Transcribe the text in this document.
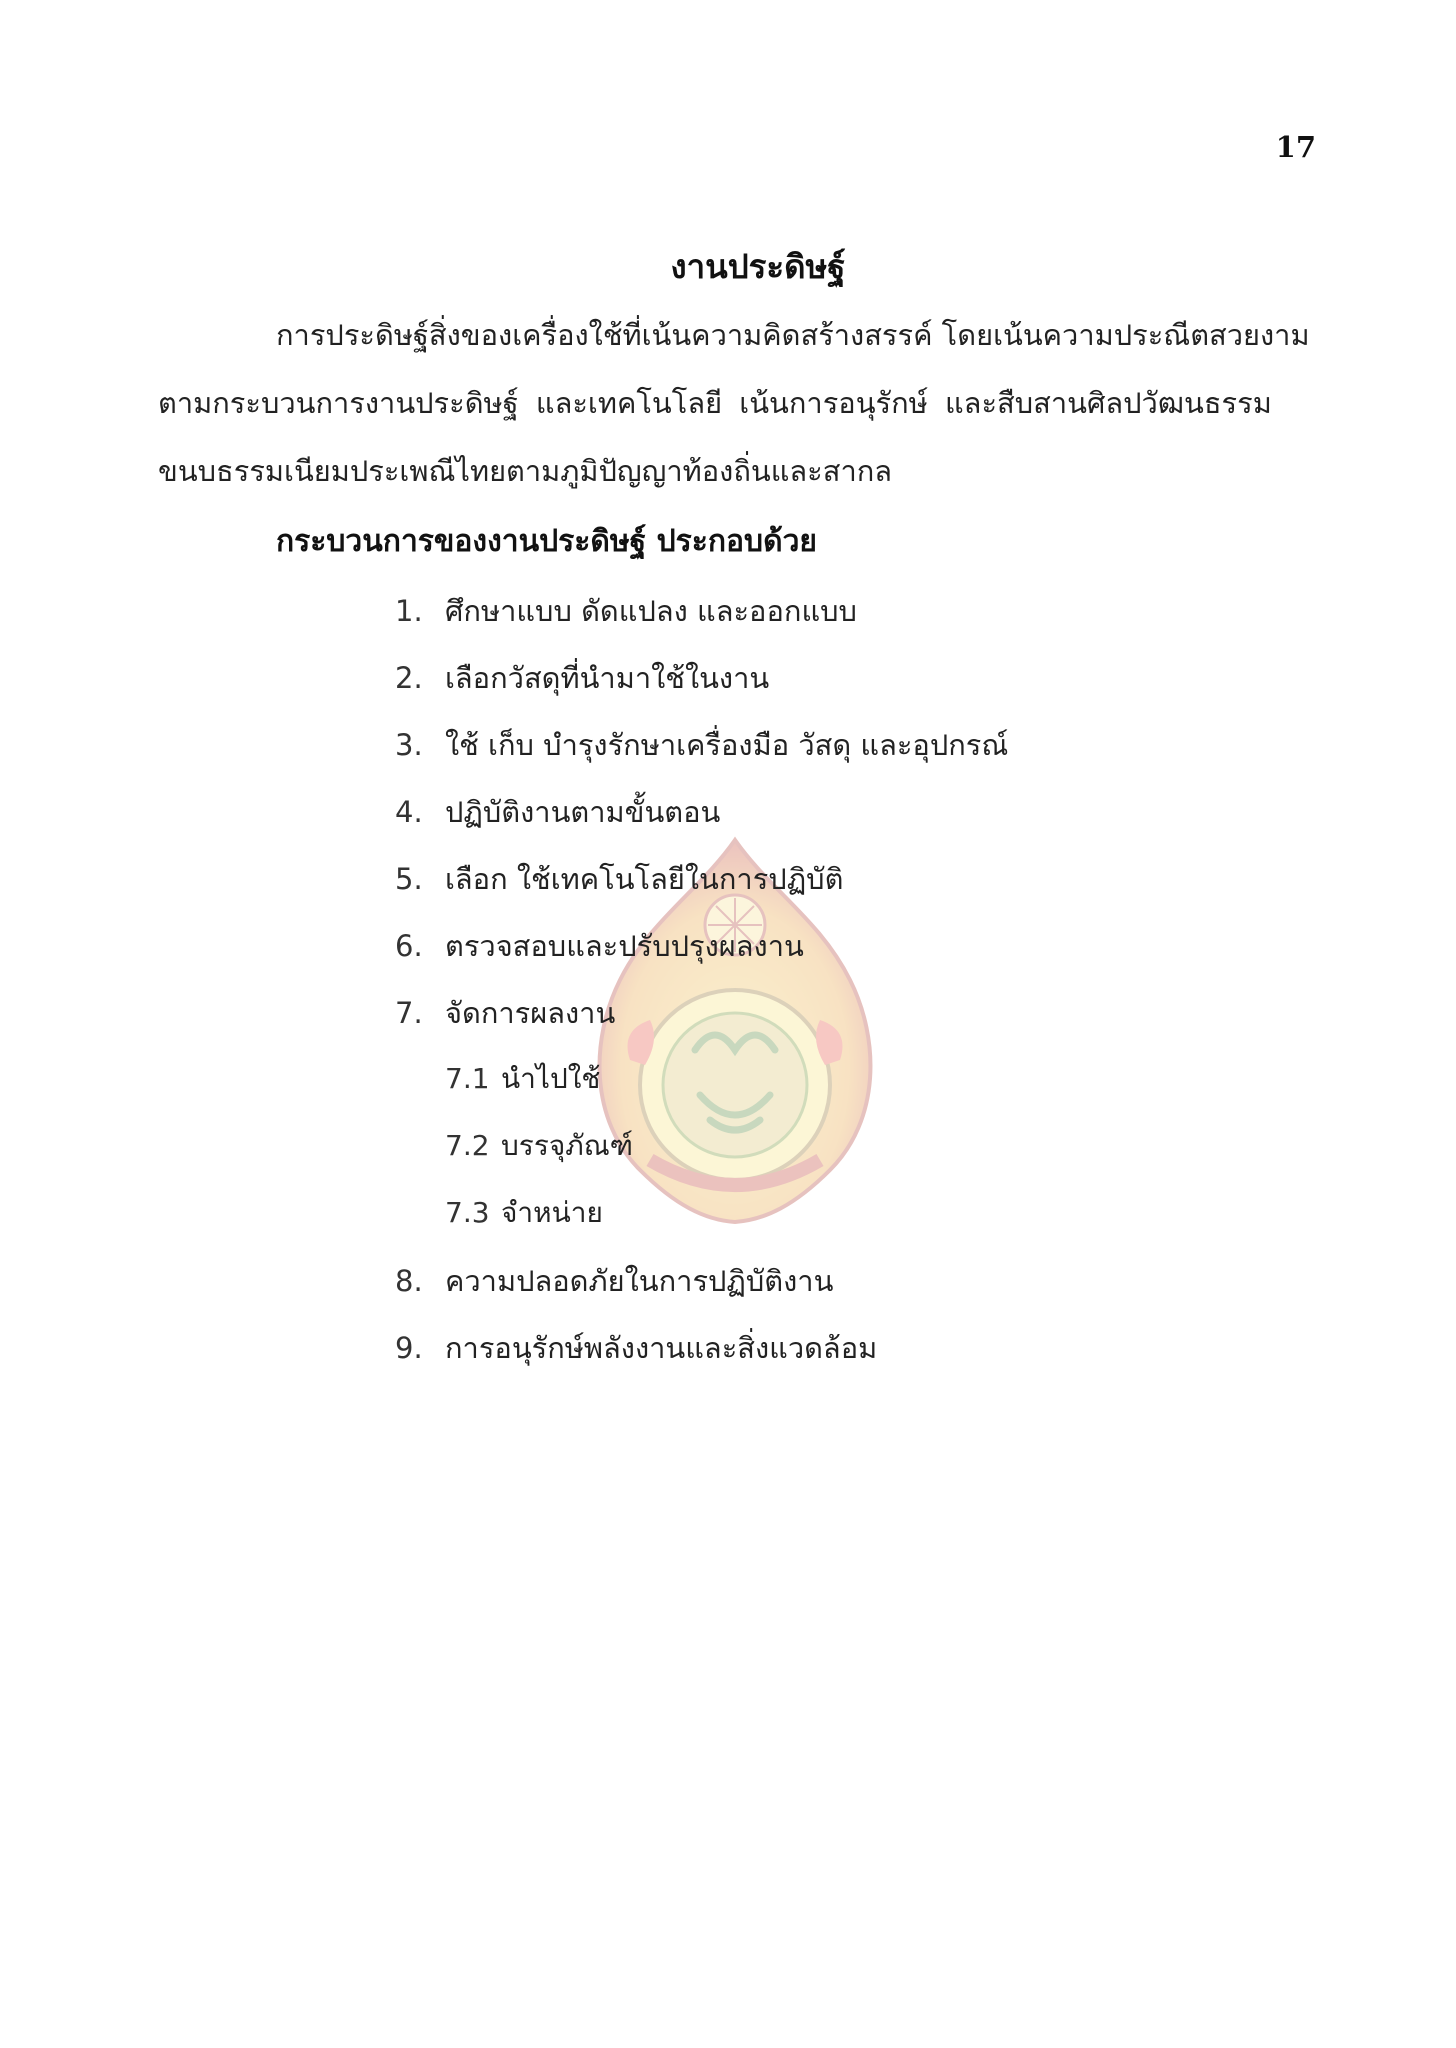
17
งานประดิษฐ์
การประดิษฐ์สิ่งของเครื่องใช้ที่เน้นความคิดสร้างสรรค์ โดยเน้นความประณีตสวยงาม
ตามกระบวนการงานประดิษฐ์ และเทคโนโลยี เน้นการอนุรักษ์ และสืบสานศิลปวัฒนธรรม
ขนบธรรมเนียมประเพณีไทยตามภูมิปัญญาท้องถิ่นและสากล
กระบวนการของงานประดิษฐ์ ประกอบด้วย
1. ศึกษาแบบ ดัดแปลง และออกแบบ
2. เลือกวัสดุที่นำมาใช้ในงาน
3. ใช้ เก็บ บำรุงรักษาเครื่องมือ วัสดุ และอุปกรณ์
4. ปฏิบัติงานตามขั้นตอน
5. เลือก ใช้เทคโนโลยีในการปฏิบัติ
6. ตรวจสอบและปรับปรุงผลงาน
7. จัดการผลงาน
7.1 นำไปใช้
7.2 บรรจุภัณฑ์
7.3 จำหน่าย
8. ความปลอดภัยในการปฏิบัติงาน
9. การอนุรักษ์พลังงานและสิ่งแวดล้อม
